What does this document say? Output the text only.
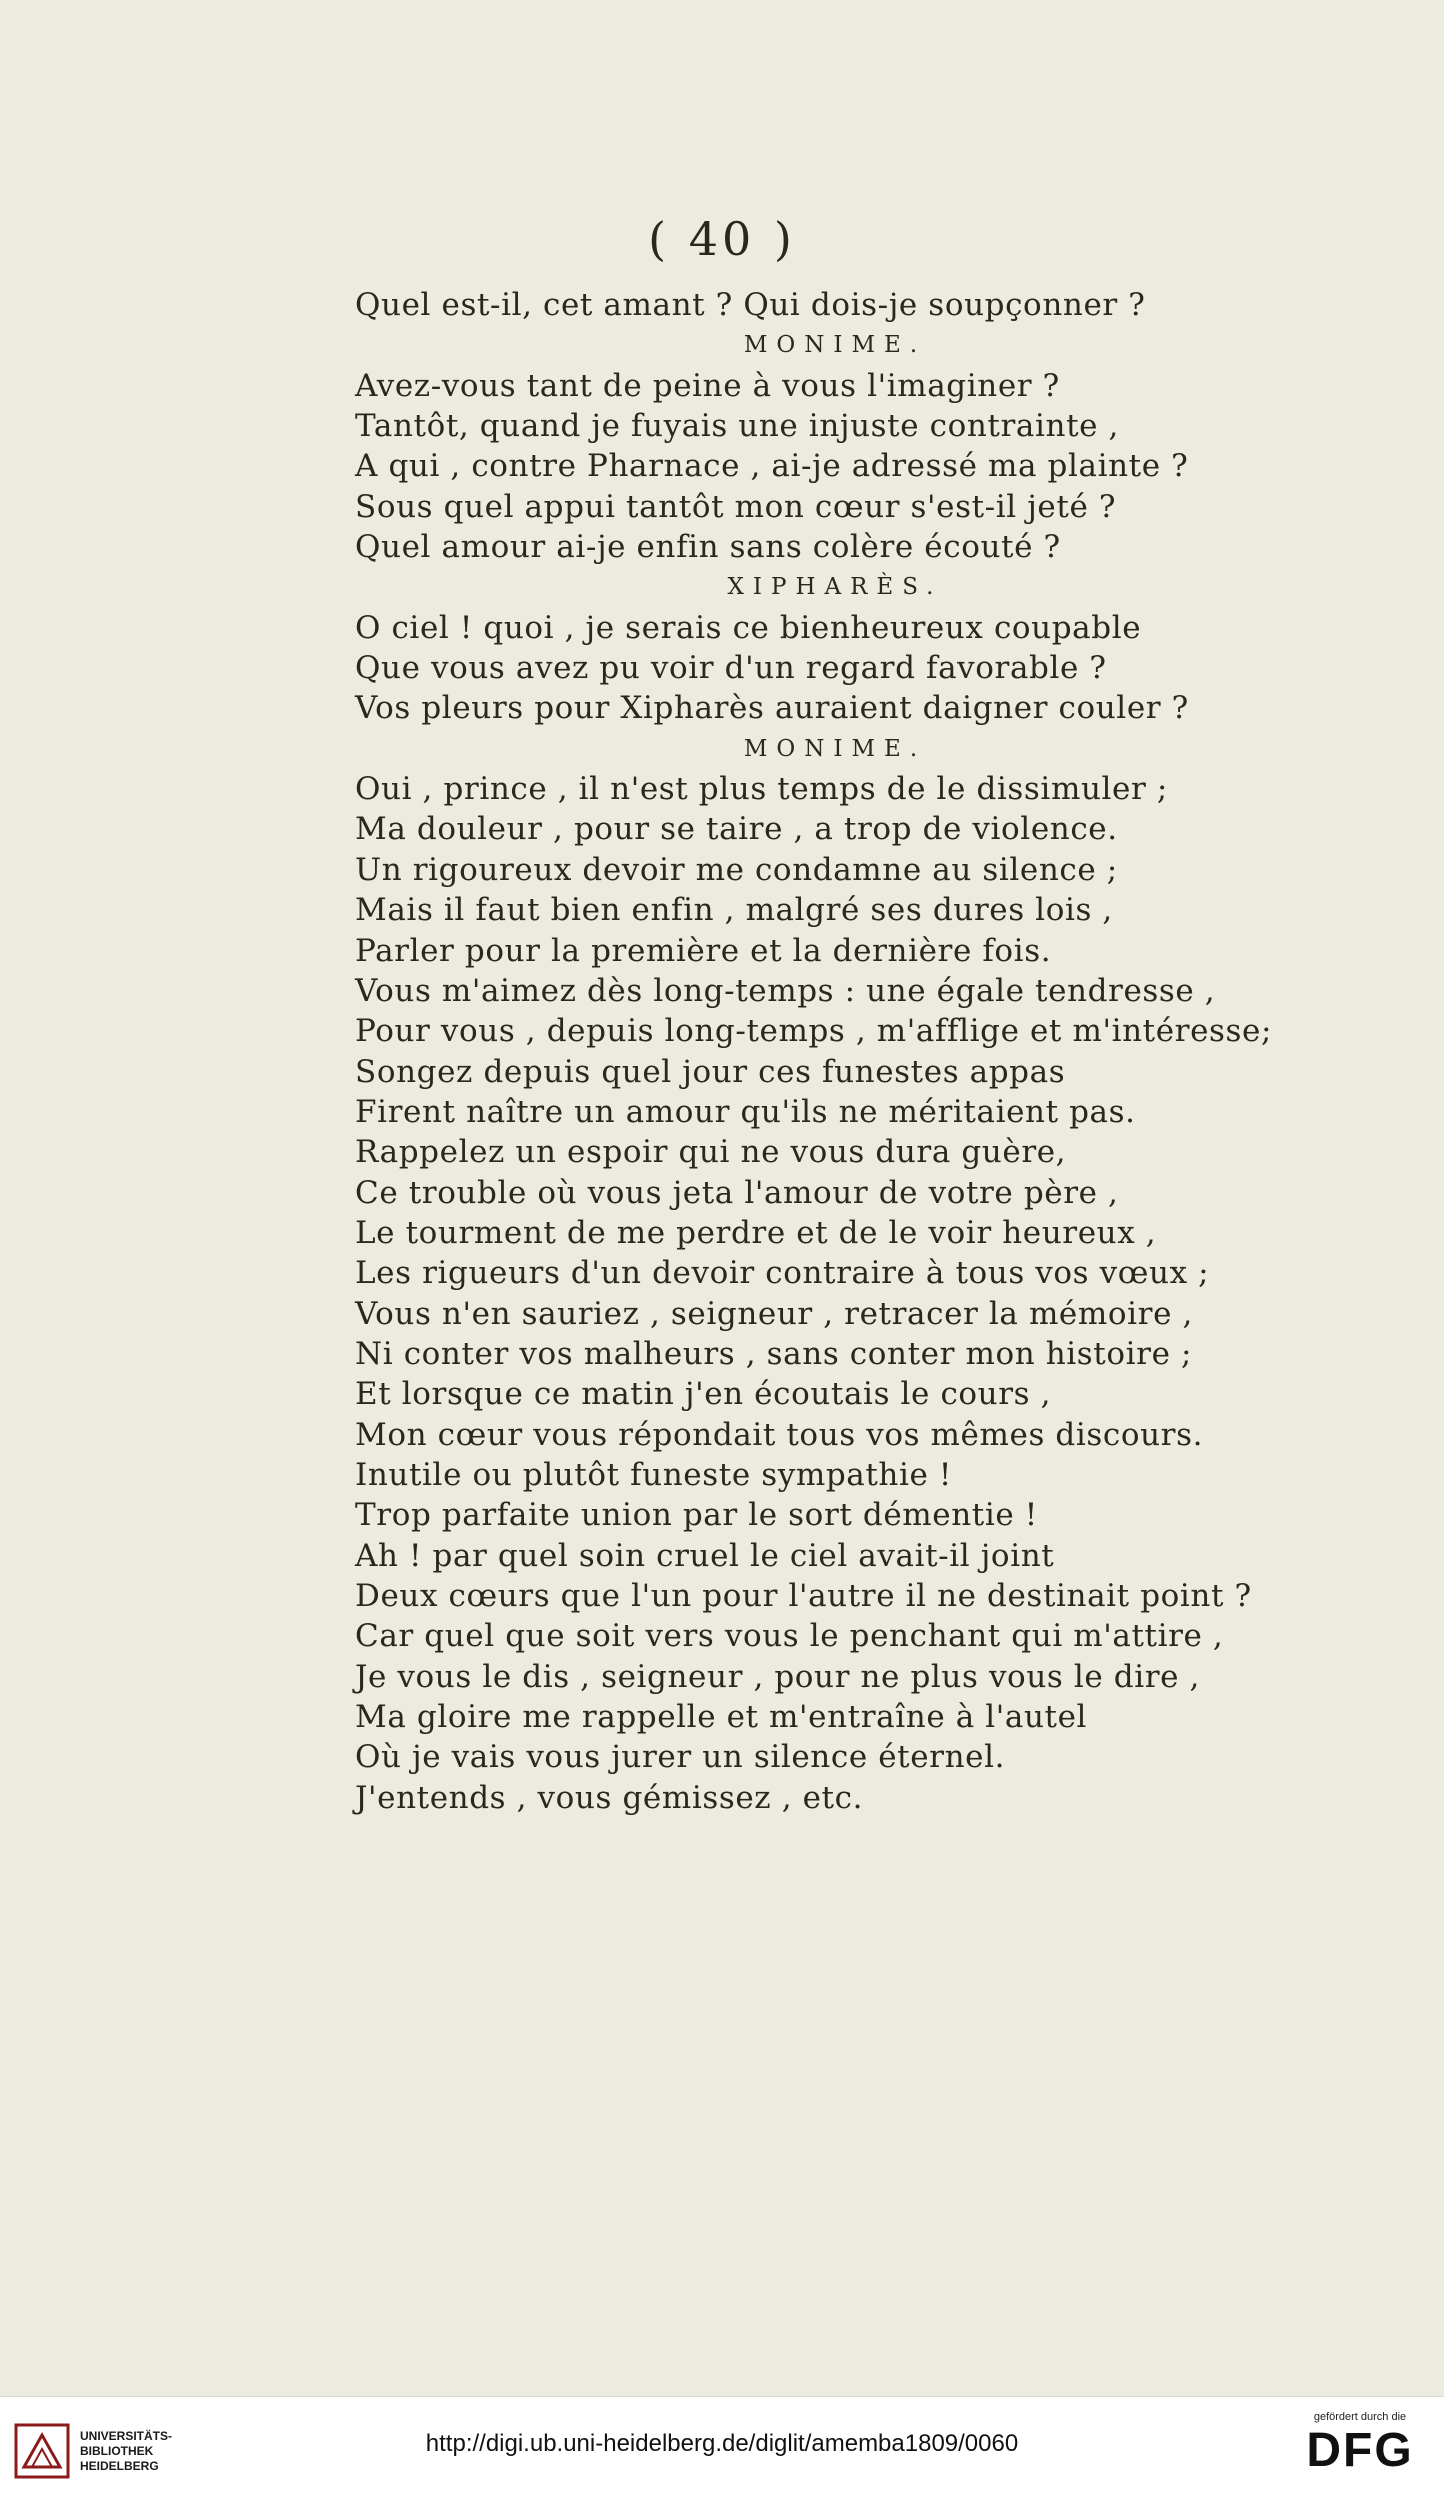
( 40 )
Quel est-il, cet amant ? Qui dois-je soupçonner ?
MONIME.
Avez-vous tant de peine à vous l'imaginer ?
Tantôt, quand je fuyais une injuste contrainte ,
A qui , contre Pharnace , ai-je adressé ma plainte ?
Sous quel appui tantôt mon cœur s'est-il jeté ?
Quel amour ai-je enfin sans colère écouté ?
XIPHARÈS.
O ciel ! quoi , je serais ce bienheureux coupable
Que vous avez pu voir d'un regard favorable ?
Vos pleurs pour Xipharès auraient daigner couler ?
MONIME.
Oui , prince , il n'est plus temps de le dissimuler ;
Ma douleur , pour se taire , a trop de violence.
Un rigoureux devoir me condamne au silence ;
Mais il faut bien enfin , malgré ses dures lois ,
Parler pour la première et la dernière fois.
Vous m'aimez dès long-temps : une égale tendresse ,
Pour vous , depuis long-temps , m'afflige et m'intéresse;
Songez depuis quel jour ces funestes appas
Firent naître un amour qu'ils ne méritaient pas.
Rappelez un espoir qui ne vous dura guère,
Ce trouble où vous jeta l'amour de votre père ,
Le tourment de me perdre et de le voir heureux ,
Les rigueurs d'un devoir contraire à tous vos vœux ;
Vous n'en sauriez , seigneur , retracer la mémoire ,
Ni conter vos malheurs , sans conter mon histoire ;
Et lorsque ce matin j'en écoutais le cours ,
Mon cœur vous répondait tous vos mêmes discours.
Inutile ou plutôt funeste sympathie !
Trop parfaite union par le sort démentie !
Ah ! par quel soin cruel le ciel avait-il joint
Deux cœurs que l'un pour l'autre il ne destinait point ?
Car quel que soit vers vous le penchant qui m'attire ,
Je vous le dis , seigneur , pour ne plus vous le dire ,
Ma gloire me rappelle et m'entraîne à l'autel
Où je vais vous jurer un silence éternel.
J'entends , vous gémissez , etc.
UNIVERSITÄTS-
BIBLIOTHEK
HEIDELBERG
http://digi.ub.uni-heidelberg.de/diglit/amemba1809/0060
gefördert durch die
DFG
